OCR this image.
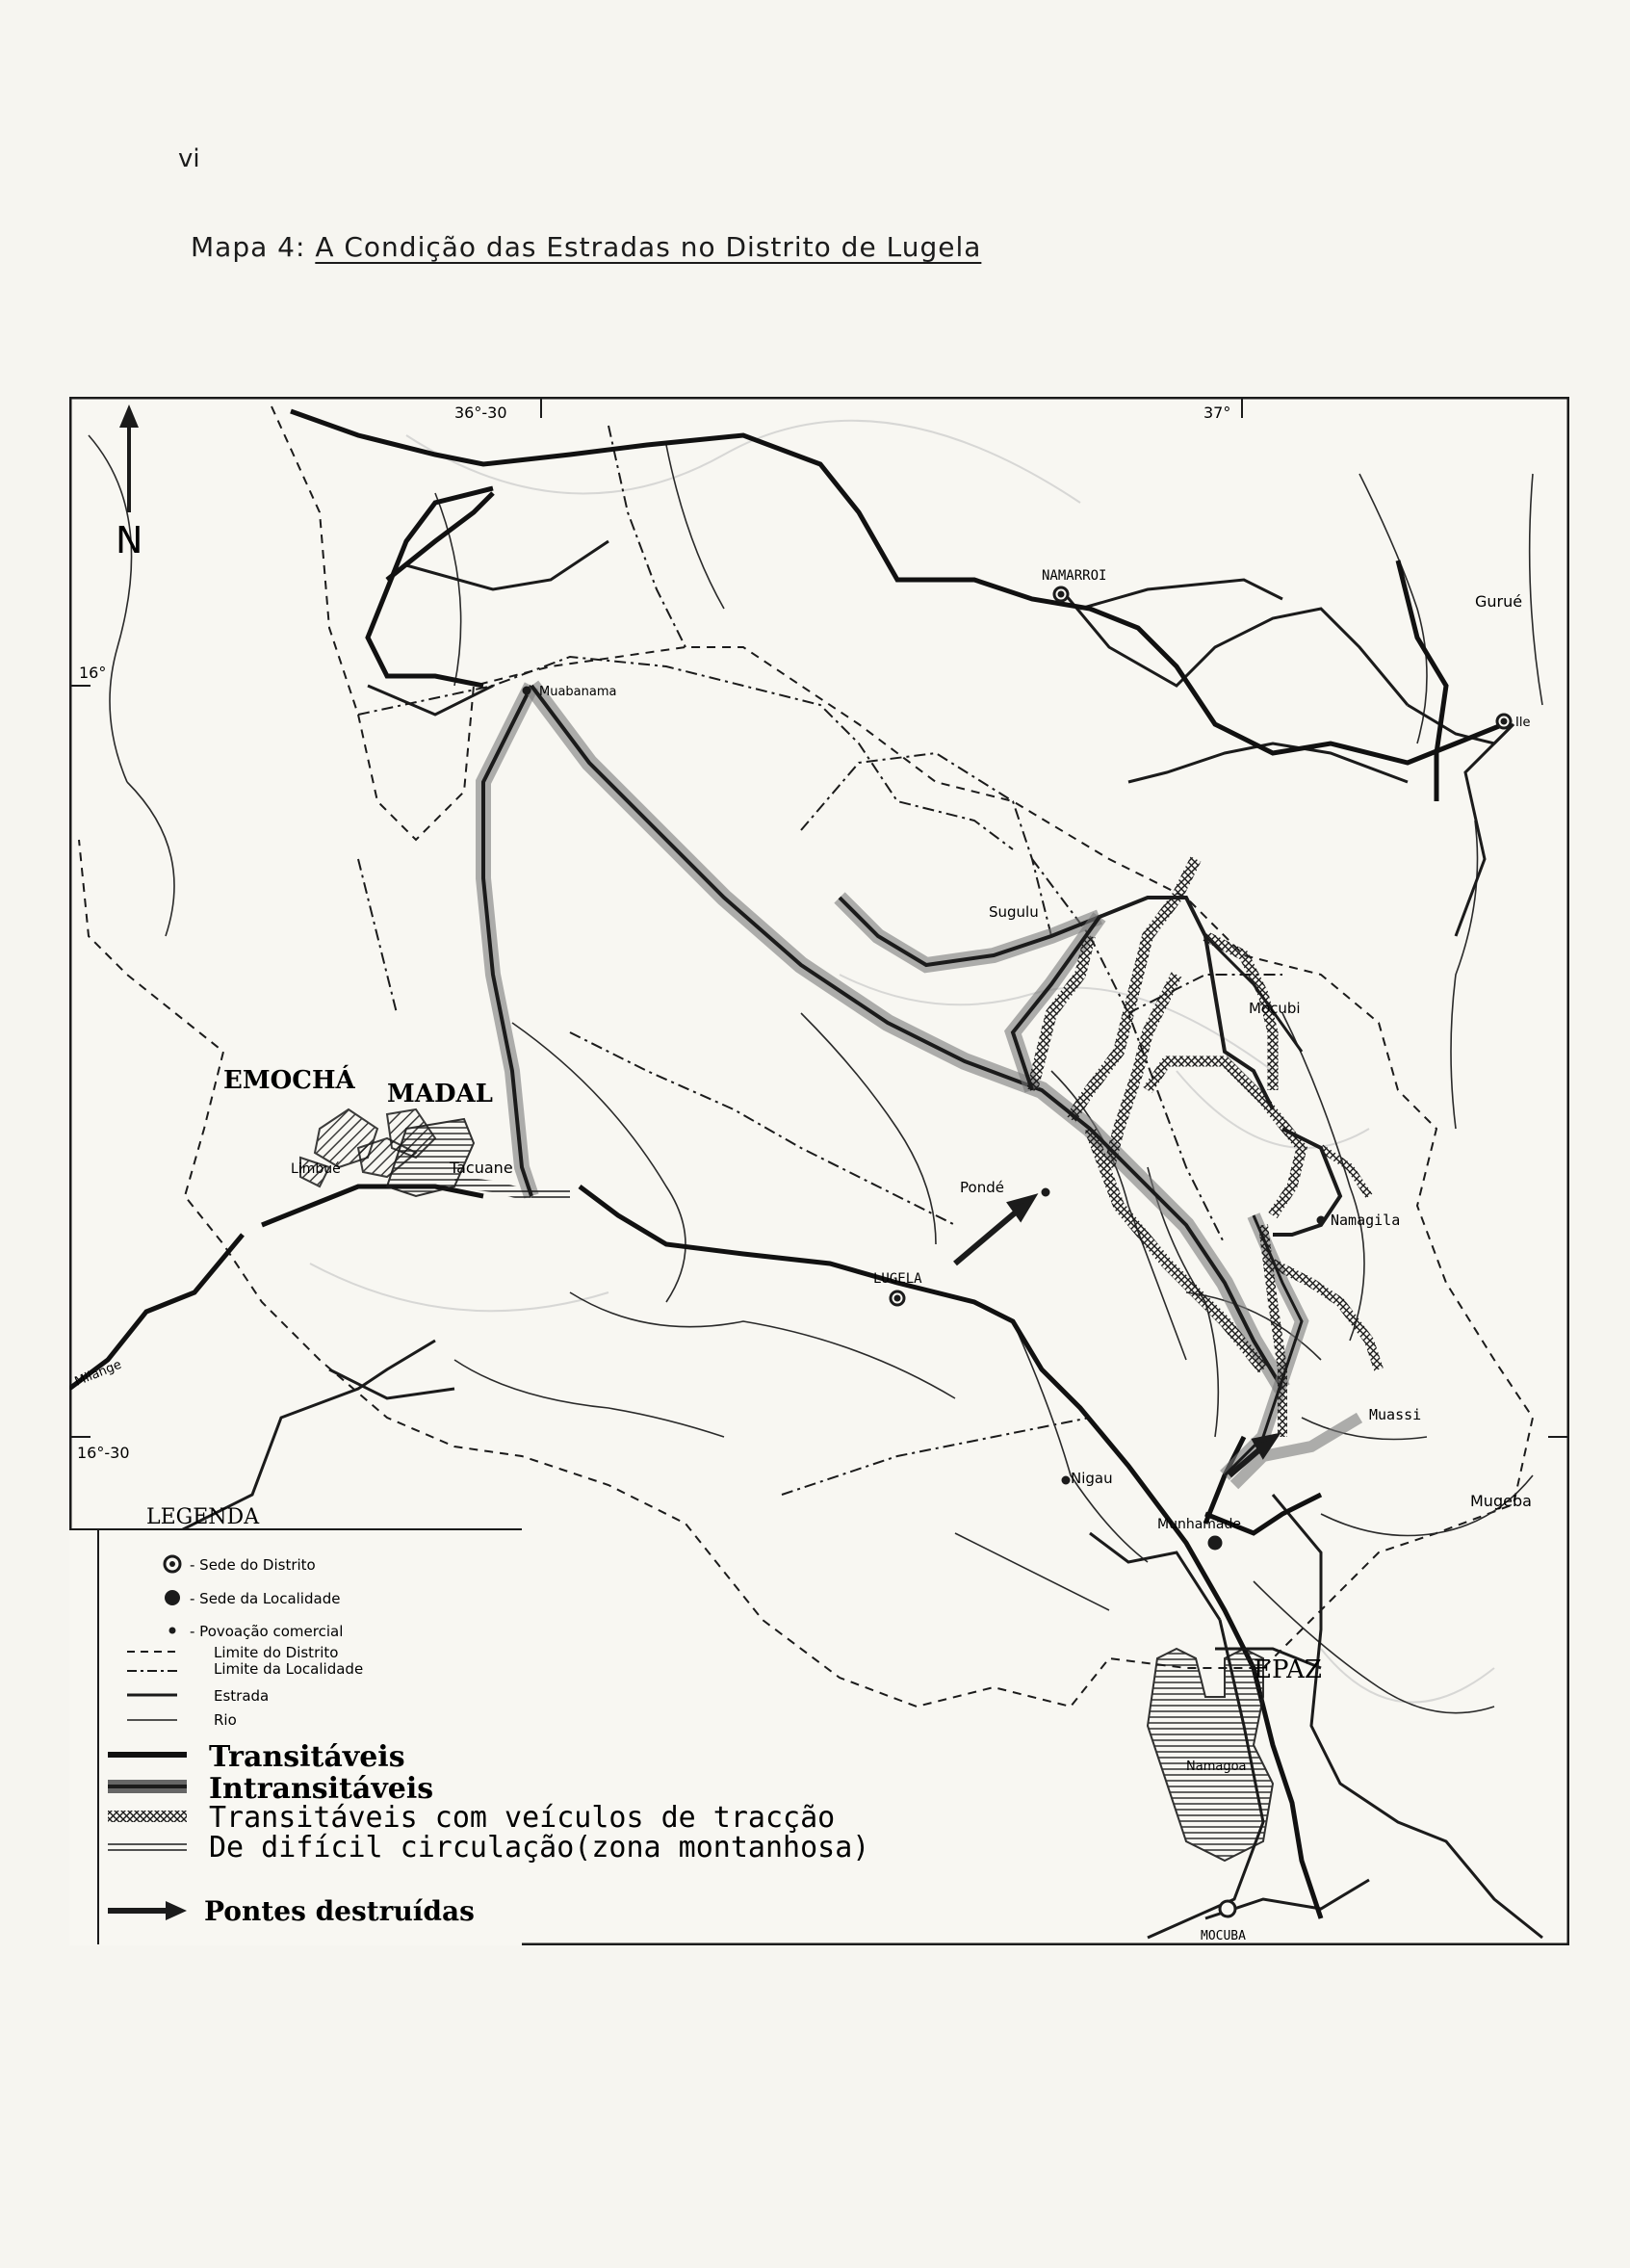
vi
Mapa 4: A Condição das Estradas no Distrito de Lugela
36°-30	37°
16°
16°-30
N
NAMARROI
Gurué
Ile
Muabanama
Sugulu
Mocubi
EMOCHÁ MADAL
Limbué	Tacuane
Pondé
Namagila
LUGELA
Milange
Muassi
Nigau
Munhamade
Mugeba
EPAZ
Namagoa
MOCUBA
LEGENDA
- Sede do Distrito
- Sede da Localidade
- Povoação comercial
Limite do Distrito
Limite da Localidade
Estrada
Rio
Transitáveis
Intransitáveis
Transitáveis com veículos de tracção
De difícil circulação(zona montanhosa)
Pontes destruídas
